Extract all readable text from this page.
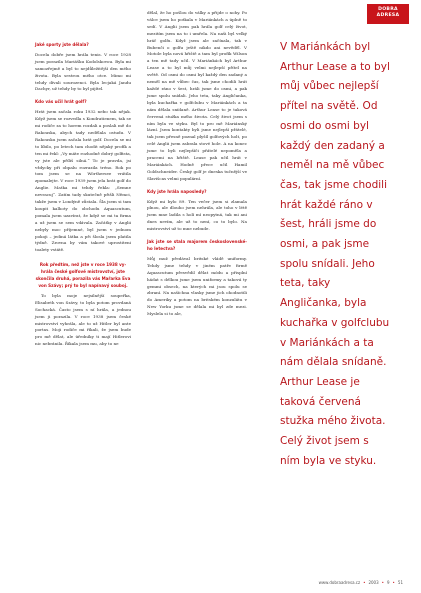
DOBRA
ADRESA
Jaké sporty jste dělala?

Docela dobře jsem hrála tenis. V roce 1928 jsem porazila Mariášku Kodolskovou. Byla mi samozřejmě a byl to nejdůležitější den mého života. Byla sestrou mého otce. Mimo mi tehdy dívali sourozenci. Byla lecjaká Jandu Dachyr, už tehdy by to byl pijítel.

Kdo vás učil hrát golf?

Hrát jsem začala roku 1932 nebo tak nějak. Když jsem se rozvedla s Kondratienem, tak se mi rodiče za to horem rozdali a poslali mě do Rakouska, abych tady nedělala ostudu. V Rakousku jsem začala hrát golf. Docela se mi to líbilo, po letech tam chodit nějaký profík a ten mi řekl: „Vy máte rozhodně dobrý golfista, vy jste ale příliš silná.“ To je pravda, jsi vždycky při obpalu rozrazila tréno. Rok po tom jsem se na Wörthersee vrátila zpomalejte. V roce 1939 jsem jela hrát golf do Anglie. Matka mi tehdy řekla: „Semne nevracuj“. Zatím tady skutečně přišli Němci, takže jsem v Londýně zůstala. Šla jsem si tam koupit kalhoty do obchodu Aquascutum, pomala jsem uzavírat, že když se mi ta firma a už jsem se sem vdávala. Začátky v Anglii nebyly moc příjemné, byl jsem v jednom pokoji – jediná látka a při šlosla jsem platila týdně. Zrovna by vám takové uprostiteni toalety vstátě.

Rok předtím, než jste v roce 1938 vyhrála české golfové mistrovství, jste skončila druhá, porazila vás Mařarka Eva von Szávy; prý to byl napínavý souboj.

To byla moje nejsilnější soupeřka, Elisabeth von Szávy, to byla potom provdaná Sochacká. Často jsem s ní hrála, a jednou jsem ji porazila. V roce 1938 jsem české mistrovství vyhrála, ale to už Hitler byl ante portas. Moji rodiče mi říkali, že jsem bude pro mě dělat, ale úředníky ti mají Hitlerovi nic nebránila. Říkala jsem mu, aby to ne

dělal, že ho pošlou do války a přijde o nohy. Po válce jsem ho potkala v Mariánkách a úplně to sedí. V Anglii jsem pak hrála golf celý život, mezitím jsem na to i umřela. Na naši byl velký hráč golfu. Když jsem ale začínala, tak v Bubenči o golfu ještě nikdo ani nevěděl. V Motole byla nová hřiště a tam byl profík Wilson a ten mě tady učil. V Mariánkách byl Arthur Lease a to byl můj velmi nejlepší přítel na světě. Od osmi do osmi byl každý den zadaný a neměl na mě vůbec čas, tak jsme chodili hrát každé ráno v šest, hráli jsme do osmi, a pak jsme spolu snídali. Jeho teta, taky Angličanka, byla kuchařka v golfclubu v Mariánkách a ta nám dělala snídaně. Arthur Lease to je taková červená stužka mého života. Celý život jsem s ním byla ve styku. Byl to pro mě Mariánský lázní. Jsem kontakty byli jsme nejlepší přátelé, tak jsem přesně poznal plyšíl golfových holt, po celé Anglii jsem zabrala stové hole. A na konec jsme to byli nejlepšíči přátelé nepoměla a pracemi na hřiště. Lease pak učil hrát v Mariánkách. Hodně přece učil Hamil Goldschneider. Český golf je dneska tučnější ve Slavišcas velmi populární.

Kdy jste hrála naposledy?

Když mi bylo 89. Ten večer jsem si zlamala plnou, ale dlouho jsem nehrála, ale toho v létě jsem mne ladila s holí mí neopytná, tak mi ani dnes nevím, ale už to není, co to bylo. Na mistrovství už to mne nebude.

Jak jste se stala majorem československého letectva?

Můj muž předával britské vládě uniformy. Tehdy jsme tehdy v jiném patře firmě Aquascutum přesvědil dělat módu a přisplní hádat s délkou jsme jsem uniformy a taková ty gemmi obsech, na kterých mi jsou spolu se zbraní. Na našíchna vlasky jsme jich ohodnotili do Ameriky a potom na britském konzulátu v New Yorku jsme se dělala mi byl zde mezi. Myslela si to ale,

V Mariánkách byl Arthur Lease a to byl můj vůbec nejlepší přítel na světě. Od osmi do osmi byl každý den zadaný a neměl na mě vůbec čas, tak jsme chodili hrát každé ráno v šest, hráli jsme do osmi, a pak jsme spolu snídali. Jeho teta, taky Angličanka, byla kuchařka v golfclubu v Mariánkách a ta nám dělala snídaně. Arthur Lease je taková červená stužka mého života. Celý život jsem s ním byla ve styku.
www.dobraadresa.cz • 2003 • 9 • 51
